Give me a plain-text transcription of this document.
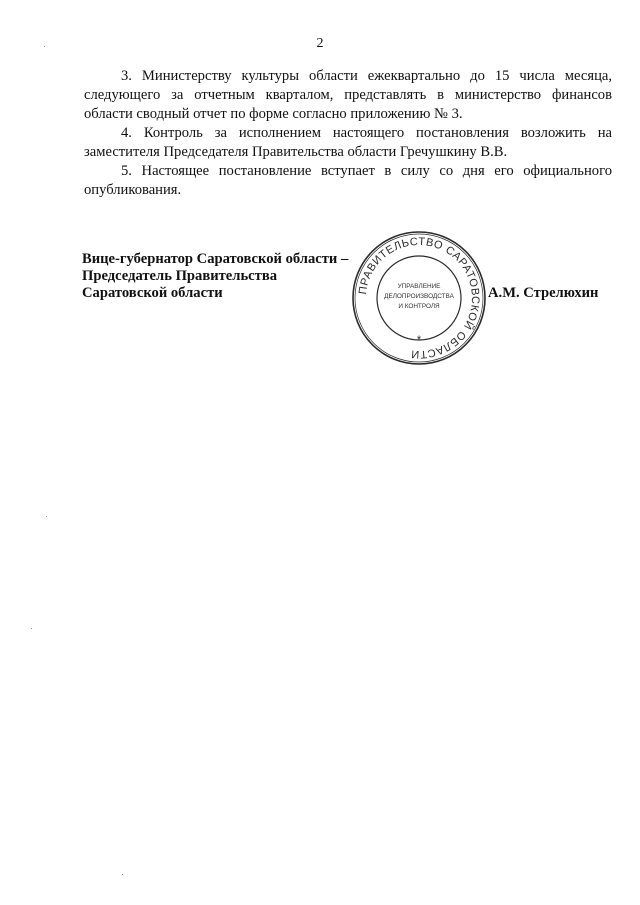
2

3. Министерству культуры области ежеквартально до 15 числа месяца, следующего за отчетным кварталом, представлять в министерство финансов области сводный отчет по форме согласно приложению № 3.

4. Контроль за исполнением настоящего постановления возложить на заместителя Председателя Правительства области Гречушкину В.В.

5. Настоящее постановление вступает в силу со дня его официального опубликования.

Вице-губернатор Саратовской области –
Председатель Правительства
Саратовской области	ПРАВИТЕЛЬСТВО САРАТОВСКОЙ ОБЛАСТИ
*
УПРАВЛЕНИЕ
ДЕЛОПРОИЗВОДСТВА
И КОНТРОЛЯ
А.М. Стрелюхин
